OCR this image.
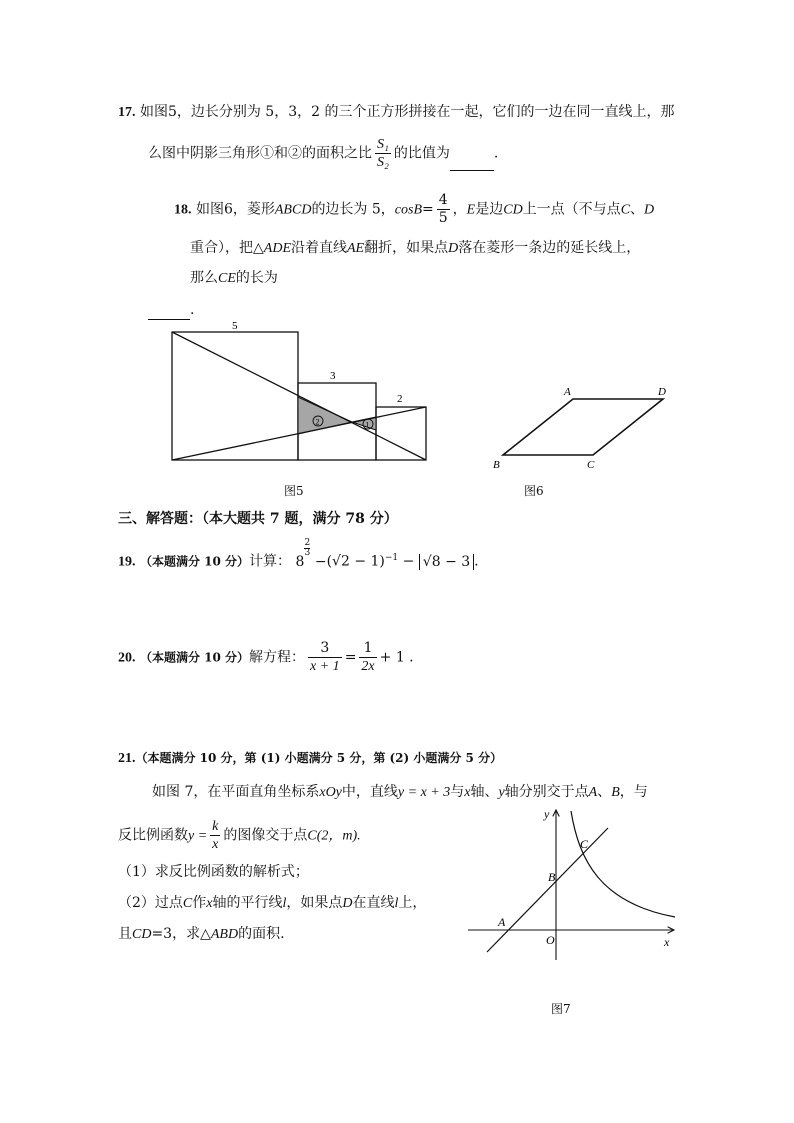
17. 如图5，边长分别为 5，3，2 的三个正方形拼接在一起，它们的一边在同一直线上，那
么图中阴影三角形①和②的面积之比 $\frac{\text{S₁}}{\text{S₂}}$ 的比值为	.
18. 如图6，菱形ABCD的边长为 5，$\cos B= \frac{4}{5}$ ，E是边CD上一点（不与点C、D
重合），把△ADE沿着直线AE翻折，如果点D落在菱形一条边的延长线上，
那么CE的长为
.
5
3
2
2	1
图5
A	D
B	C
图6
三、解答题：（本大题共 7 题，满分 78 分）
19. （本题满分 10 分）计算： 8
$\frac{2}{3}$
$-(√2 - 1)^{-1} - √8 - 3$ .
20. （本题满分 10 分）解方程： $\frac{3}{x + 1} = \frac{1}{2x} + 1$ .
21.（本题满分 10 分，第 (1) 小题满分 5 分，第 (2) 小题满分 5 分）
如图 7，在平面直角坐标系xOy中，直线y = x + 3与x轴、y轴分别交于点A、B，与
反比例函数$y = \frac{k}{x}$ 的图像交于点C(2，m).
（1）求反比例函数的解析式；
（2）过点C作x轴的平行线l，如果点D在直线l上，
且CD=3，求△ABD的面积.
y
x
O
A
B
C
图7
